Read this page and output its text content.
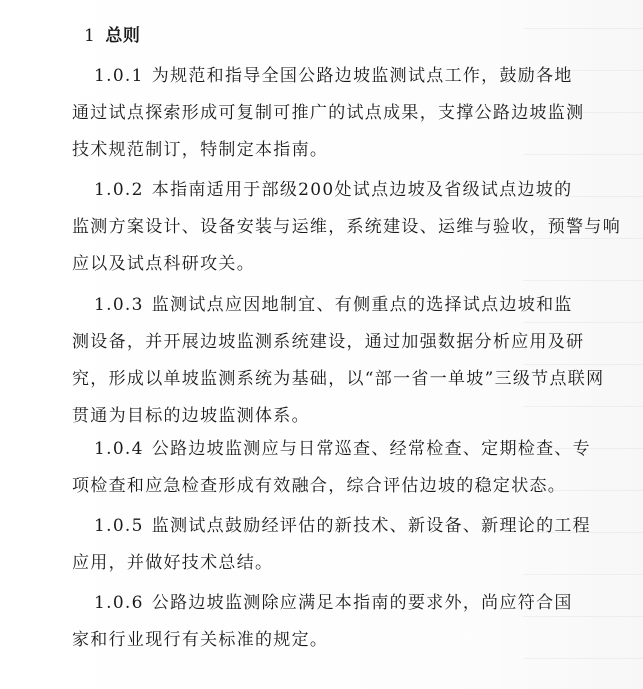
1 总则

1.0.1 为规范和指导全国公路边坡监测试点工作，鼓励各地
通过试点探索形成可复制可推广的试点成果，支撑公路边坡监测
技术规范制订，特制定本指南。

1.0.2 本指南适用于部级200处试点边坡及省级试点边坡的
监测方案设计、设备安装与运维，系统建设、运维与验收，预警与响
应以及试点科研攻关。

1.0.3 监测试点应因地制宜、有侧重点的选择试点边坡和监
测设备，并开展边坡监测系统建设，通过加强数据分析应用及研
究，形成以单坡监测系统为基础，以“部一省一单坡”三级节点联网
贯通为目标的边坡监测体系。

1.0.4 公路边坡监测应与日常巡查、经常检查、定期检查、专
项检查和应急检查形成有效融合，综合评估边坡的稳定状态。

1.0.5 监测试点鼓励经评估的新技术、新设备、新理论的工程
应用，并做好技术总结。

1.0.6 公路边坡监测除应满足本指南的要求外，尚应符合国
家和行业现行有关标准的规定。
